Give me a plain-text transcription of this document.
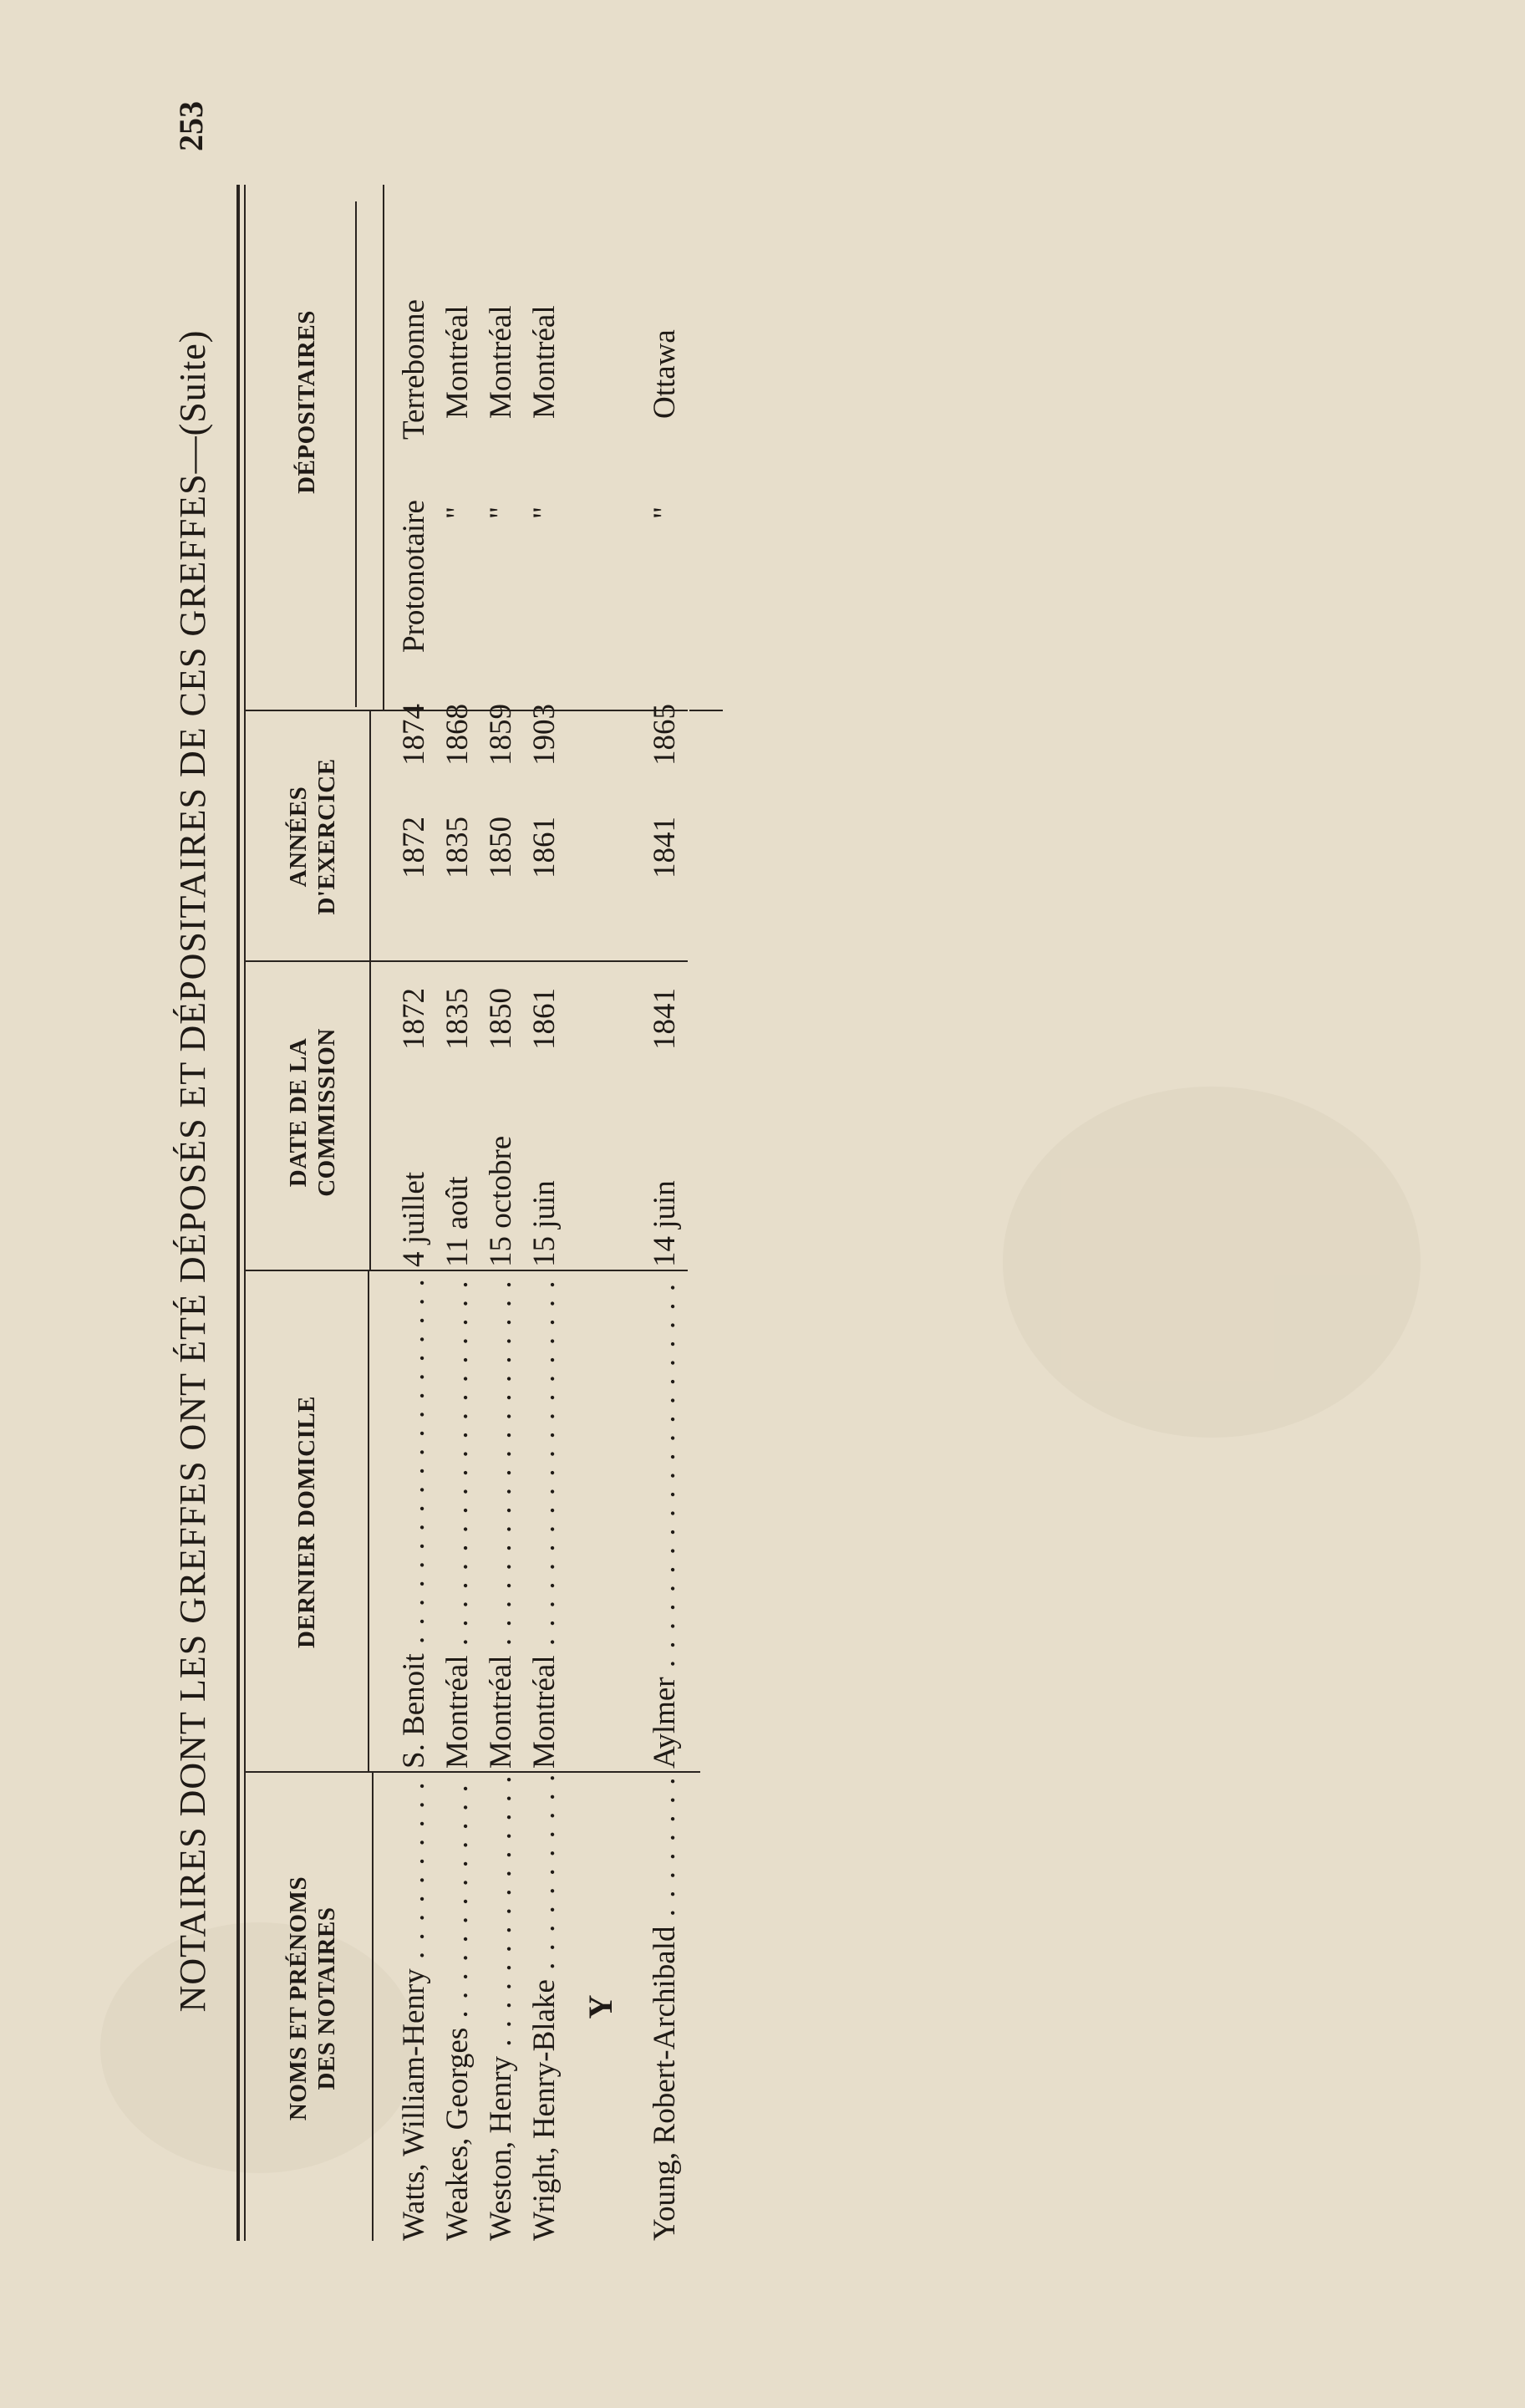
NOTAIRES DONT LES GREFFES ONT ÉTÉ DÉPOSÉS ET DÉPOSITAIRES DE CES GREFFES—(Suite)
253
NOMS ET PRÉNOMS DES NOTAIRES
DERNIER DOMICILE
DATE DE LA COMMISSION
ANNÉES D'EXERCICE
DÉPOSITAIRES
Watts, William-Henry . . .
S. Benoit . . .
4 juillet
1872
1872
1874
Protonotaire
Terrebonne
Weakes, Georges . . .
Montréal . . .
11 août
1835
1835
1868
"
Montréal
Weston, Henry . . .
Montréal . . .
15 octobre
1850
1850
1859
"
Montréal
Wright, Henry-Blake . . .
Montréal . . .
15 juin
1861
1861
1903
"
Montréal
Y Young, Robert-Archibald . . .
Aylmer . . .
14 juin
1841
1841
1865
"
Ottawa
